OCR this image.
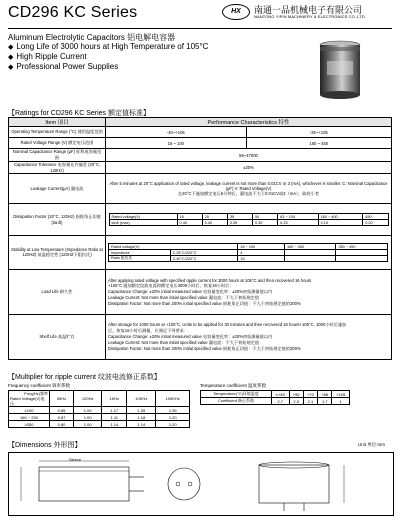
CD296 KC Series	HX	南通一品机械电子有限公司
NANTONG YIPIN MACHINERY & ELECTRONICS CO.,LTD.
Aluminum Electrolytic Capacitors 铝电解电容器
◆ Long Life of 3000 hours at High Temperature of 105°C
◆ High Ripple Current
◆ Professional Power Supplies
【Ratings for CD296 KC Series 额定值标准】
Item 项目	Performance Characteristics 特性
Operating Temperature Range (°C) 使用温度范围	-40~+105	-25~+105
Rated Voltage Range (V) 额定电压范围	16 ~ 100	160 ~ 450
Nominal Capacitance Range (μF) 标称电容量范围	56~47000
Capacitance Tolerance 电容量允许偏差 (20°C, 120Hz)	±20%
Leakage Current(μA) 漏电流	
After 5 minutes at 20°C application of rated voltage, leakage current is not more than 0.01CV or 3 (mA), whichever is smaller. C: Nominal Capacitance (μF) V: Rated Voltage(V)
在20°C下施加额定电压5分钟后，漏电流不大于0.01CV或3（mA），取较小者

Dissipation Factor (20°C, 120Hz) 损耗角正切值(tanδ)	
Rated voltage(V)	16	25	35	50	63 ~ 100	160 ~ 400	450
tanδ (max)	0.40	0.40	0.35	0.30	0.25	0.15	0.20

Stability at Low Temperature (Impedance Ratio at 120HZ) 低温稳定性 (120HZ下阻抗比)	
Rated voltage(V)	16 ~ 100	160 ~ 350	350 ~ 450
Impedance	Z-25°C/Z20°C	4		
Ratio 阻抗比	Z-40°C/Z20°C	15	-	

Load Life 耐久性	
After applying rated voltage with specified ripple current for 3000 hours at 105°C and then recovered 16 hours
+105°C 施加额定纹波电流和额定电压3000小时后，恢复16小时后：
Capacitance Change: ±20% initial measured value 电容量变化率：±20%初始测量值以内
Leakage Current: Not more than initial specified value 漏电流：不大于初始规定值
Dissipation Factor: Not more than 200% initial specified value 损耗角正切值：不大于初始规定值的200%

Shelf Life 高温贮存	
After storage for 1000 hours at +105°C, Units to be applied for 30 minutes and then recovered 16 hours+105°C, 1000小时后施加
后，恢复16小时后测量，应满足下列要求：
Capacitance Change: ±20% initial measured value 电容量变化率：±20%初始测量值以内
Leakage Current: Not more than initial specified value 漏电流：不大于初始规定值
Dissipation Factor: Not more than 200% initial specified value 损耗角正切值：不大于初始规定值的200%
【Multiplier for ripple current 纹波电流修正系数】
Frequency coefficient 频率系数
Freq(Hz)频率
Rated Voltage(V)电压	50Hz	120Hz	1KHz	10KHz	100KHz
≤100	0.85	1.00	1.17	1.35	1.35
160 ~ 250	0.87	1.00	1.11	1.18	1.20
≥350	0.80	1.00	1.14	1.14	1.20
Temperature coefficient 温度系数
Temperature(°C)环境温度	≤+45	+55	+70	+85	+105
Coefficient 修正系数	2.7	2.5	2.1	1.7	1
【Dimensions 外形图】	Unit 单位:mm
Sleeve
